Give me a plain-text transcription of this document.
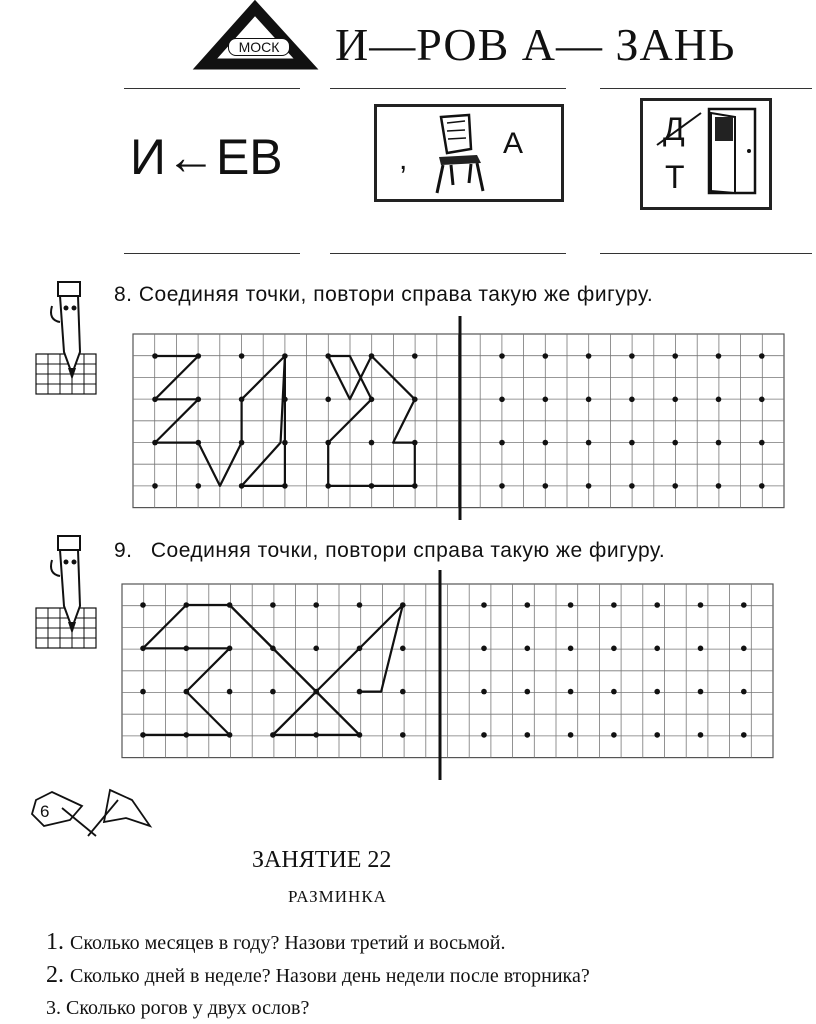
МОСК И—РОВ А— ЗАНЬ
И←ЕВ	,	А	Д
Т
8. Соединяя точки, повтори справа такую же фигуру.
9. Соединяя точки, повтори справа такую же фигуру.
6
ЗАНЯТИЕ 22
РАЗМИНКА
1. Сколько месяцев в году? Назови третий и восьмой.
2. Сколько дней в неделе? Назови день недели после вторника?
3. Сколько рогов у двух ослов?
